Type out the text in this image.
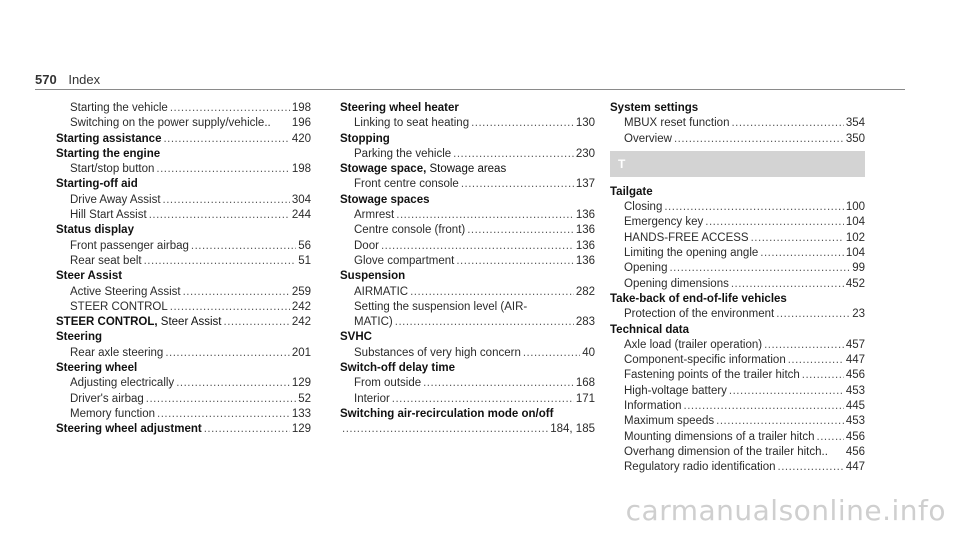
570 Index
Starting the vehicle .....	198
Switching on the power supply/vehicle.. 196
Starting assistance .....	420
Starting the engine
Start/stop button .....	198
Starting-off aid
Drive Away Assist .....	304
Hill Start Assist .....	244
Status display
Front passenger airbag .....	56
Rear seat belt .....	51
Steer Assist
Active Steering Assist .....	259
STEER CONTROL .....	242
STEER CONTROL, Steer Assist .....	242
Steering
Rear axle steering .....	201
Steering wheel
Adjusting electrically .....	129
Driver's airbag .....	52
Memory function .....	133
Steering wheel adjustment .....	129
Steering wheel heater
Linking to seat heating .....	130
Stopping
Parking the vehicle .....	230
Stowage space, Stowage areas
Front centre console .....	137
Stowage spaces
Armrest .....	136
Centre console (front) .....	136
Door .....	136
Glove compartment .....	136
Suspension
AIRMATIC .....	282
Setting the suspension level (AIR-
MATIC) .....	283
SVHC
Substances of very high concern .....	40
Switch-off delay time
From outside .....	168
Interior .....	171
Switching air-recirculation mode on/off
.....
184, 185
System settings
MBUX reset function .....	354
Overview .....	350
T
Tailgate
Closing .....	100
Emergency key .....	104
HANDS-FREE ACCESS .....	102
Limiting the opening angle .....	104
Opening .....	99
Opening dimensions .....	452
Take-back of end-of-life vehicles
Protection of the environment .....	23
Technical data
Axle load (trailer operation) .....	457
Component-specific information .....	447
Fastening points of the trailer hitch .....	456
High-voltage battery .....	453
Information .....	445
Maximum speeds .....	453
Mounting dimensions of a trailer hitch .....	456
Overhang dimension of the trailer hitch.. 456
Regulatory radio identification .....	447
carmanualsonline.info
